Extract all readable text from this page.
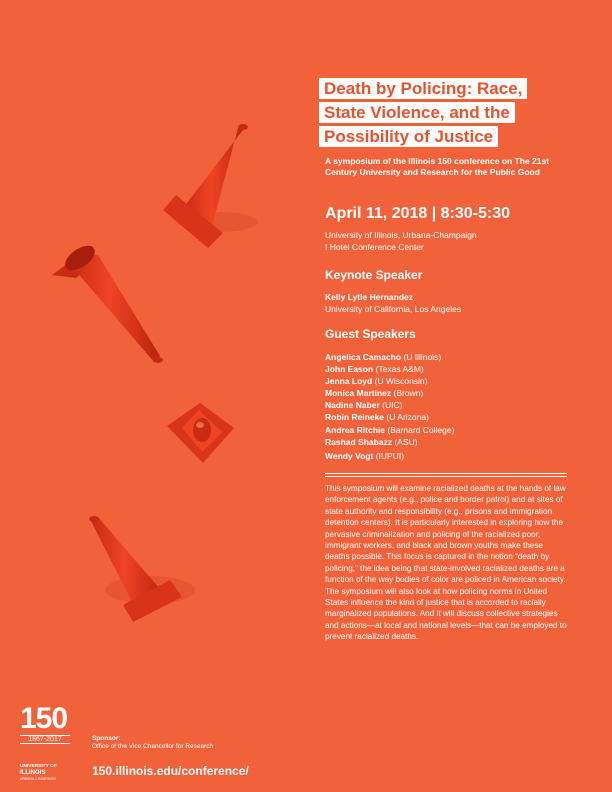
Death by Policing: Race,
State Violence, and the
Possibility of Justice
A symposium of the Illinois 150 conference on The 21st Century University and Research for the Public Good
April 11, 2018 | 8:30-5:30
University of Illinois, Urbana-Champaign
I Hotel Conference Center
Keynote Speaker
Kelly Lytle Hernandez
University of California, Los Angeles
Guest Speakers
Angelica Camacho (U Illinois)
John Eason (Texas A&M)
Jenna Loyd (U Wisconsin)
Monica Martinez (Brown)
Nadine Naber (UIC)
Robin Reineke (U Arizona)
Andrea Ritchie (Barnard College)
Rashad Shabazz (ASU)
Wendy Vogt (IUPUI)
This symposium will examine racialized deaths at the hands of law enforcement agents (e.g., police and border patrol) and at sites of state authority and responsibility (e.g., prisons and immigration detention centers). It is particularly interested in exploring how the pervasive criminalization and policing of the racialized poor, immigrant workers, and black and brown youths make these deaths possible. This focus is captured in the notion “death by policing,” the idea being that state-involved racialized deaths are a function of the way bodies of color are policed in American society. The symposium will also look at how policing norms in United States influence the kind of justice that is accorded to racially marginalized populations. And it will discuss collective strategies and actions—at local and national levels—that can be employed to prevent racialized deaths.
150
1867-2017
UNIVERSITY OF
ILLINOIS
URBANA-CHAMPAIGN
Sponsor:
Office of the Vice Chancellor for Research
150.illinois.edu/conference/
